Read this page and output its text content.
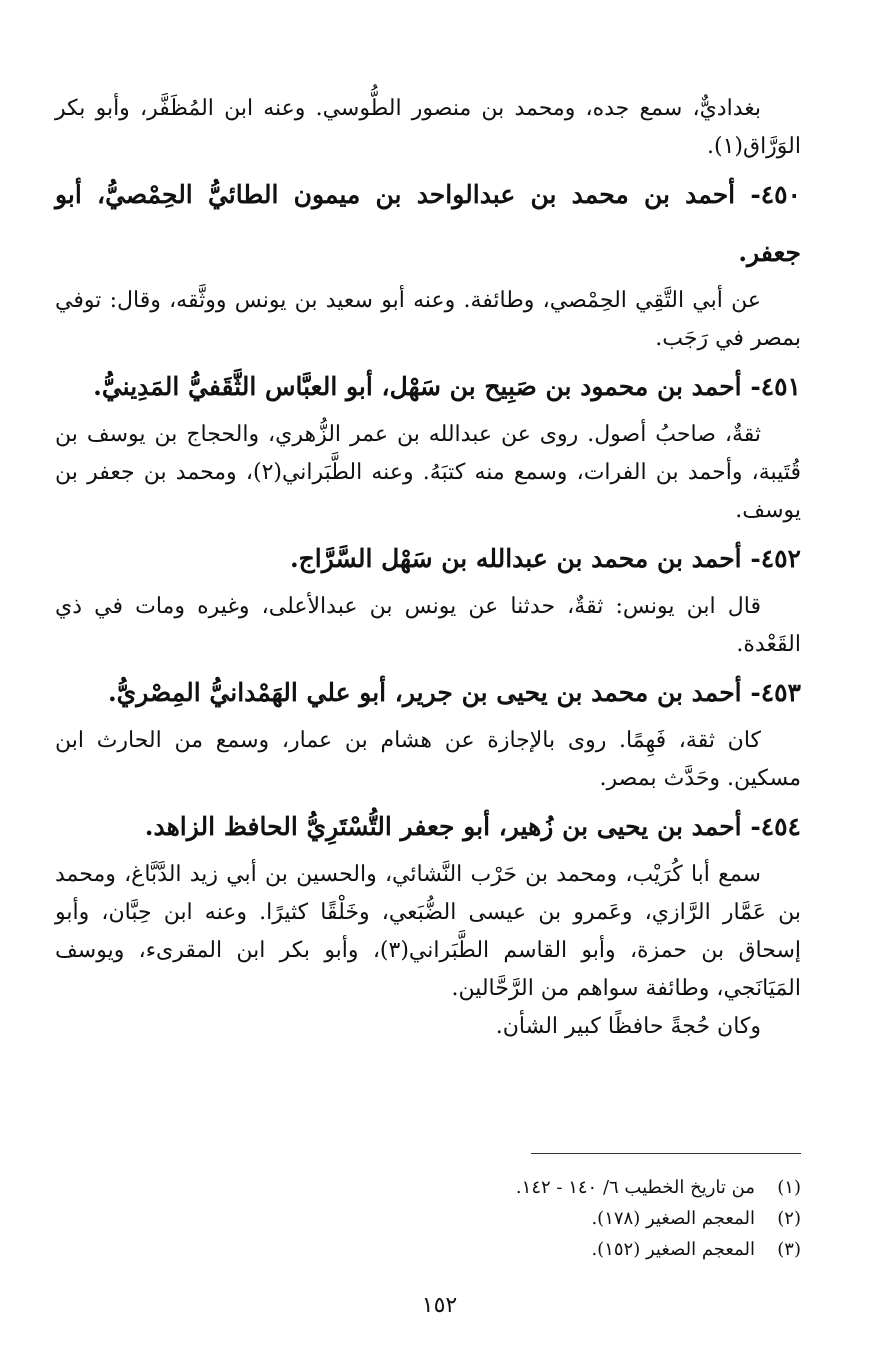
بغداديٌّ، سمع جده، ومحمد بن منصور الطُّوسي. وعنه ابن المُظَفَّر، وأبو بكر الوَرَّاق(١).

٤٥٠- أحمد بن محمد بن عبدالواحد بن ميمون الطائيُّ الحِمْصيُّ، أبو جعفر.

عن أبي التَّقِي الحِمْصي، وطائفة. وعنه أبو سعيد بن يونس ووثَّقه، وقال: توفي بمصر في رَجَب.

٤٥١- أحمد بن محمود بن صَبِيح بن سَهْل، أبو العبَّاس الثَّقَفيُّ المَدِينيُّ.

ثقةٌ، صاحبُ أصول. روى عن عبدالله بن عمر الزُّهري، والحجاج بن يوسف بن قُتَيبة، وأحمد بن الفرات، وسمع منه كتبَهُ. وعنه الطَّبَراني(٢)، ومحمد بن جعفر بن يوسف.

٤٥٢- أحمد بن محمد بن عبدالله بن سَهْل السَّرَّاج.

قال ابن يونس: ثقةٌ، حدثنا عن يونس بن عبدالأعلى، وغيره ومات في ذي القَعْدة.

٤٥٣- أحمد بن محمد بن يحيى بن جرير، أبو علي الهَمْدانيُّ المِصْريُّ.

كان ثقة، فَهِمًا. روى بالإجازة عن هشام بن عمار، وسمع من الحارث ابن مسكين. وحَدَّث بمصر.

٤٥٤- أحمد بن يحيى بن زُهير، أبو جعفر التُّسْتَرِيُّ الحافظ الزاهد.

سمع أبا كُرَيْب، ومحمد بن حَرْب النَّشائي، والحسين بن أبي زيد الدَّبَّاغ، ومحمد بن عَمَّار الرَّازي، وعَمرو بن عيسى الضُّبَعي، وخَلْقًا كثيرًا. وعنه ابن حِبَّان، وأبو إسحاق بن حمزة، وأبو القاسم الطَّبَراني(٣)، وأبو بكر ابن المقرىء، ويوسف المَيَانَجي، وطائفة سواهم من الرَّحَّالين.

وكان حُجةً حافظًا كبير الشأن.

(١)
من تاريخ الخطيب ٦/ ١٤٠ - ١٤٢.
(٢)
المعجم الصغير (١٧٨).
(٣)
المعجم الصغير (١٥٢).
١٥٢
